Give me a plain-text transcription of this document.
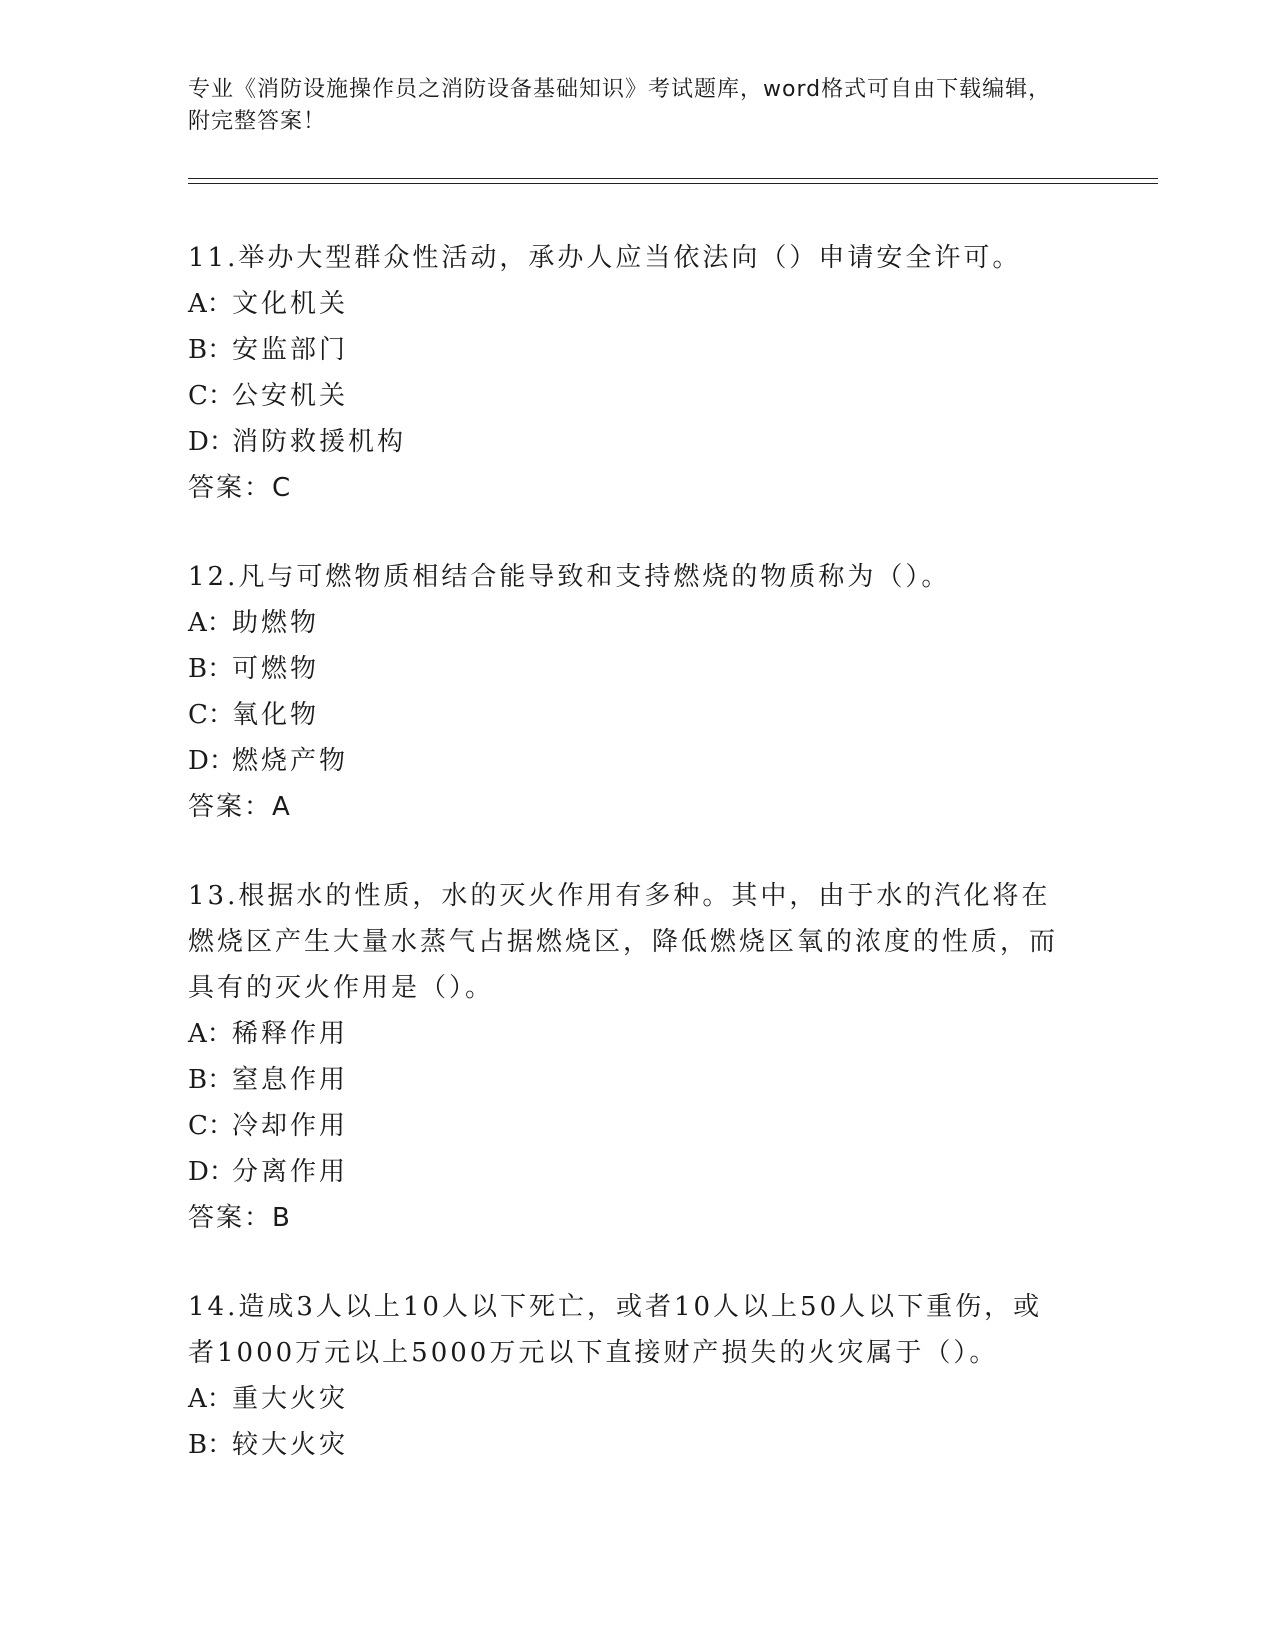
专业《消防设施操作员之消防设备基础知识》考试题库，word格式可自由下载编辑，附完整答案！

11.举办大型群众性活动，承办人应当依法向（）申请安全许可。

A：文化机关

B：安监部门

C：公安机关

D：消防救援机构

答案：C

12.凡与可燃物质相结合能导致和支持燃烧的物质称为（）。

A：助燃物

B：可燃物

C：氧化物

D：燃烧产物

答案：A

13.根据水的性质，水的灭火作用有多种。其中，由于水的汽化将在燃烧区产生大量水蒸气占据燃烧区，降低燃烧区氧的浓度的性质，而具有的灭火作用是（）。

A：稀释作用

B：窒息作用

C：冷却作用

D：分离作用

答案：B

14.造成3人以上10人以下死亡，或者10人以上50人以下重伤，或者1000万元以上5000万元以下直接财产损失的火灾属于（）。

A：重大火灾

B：较大火灾
